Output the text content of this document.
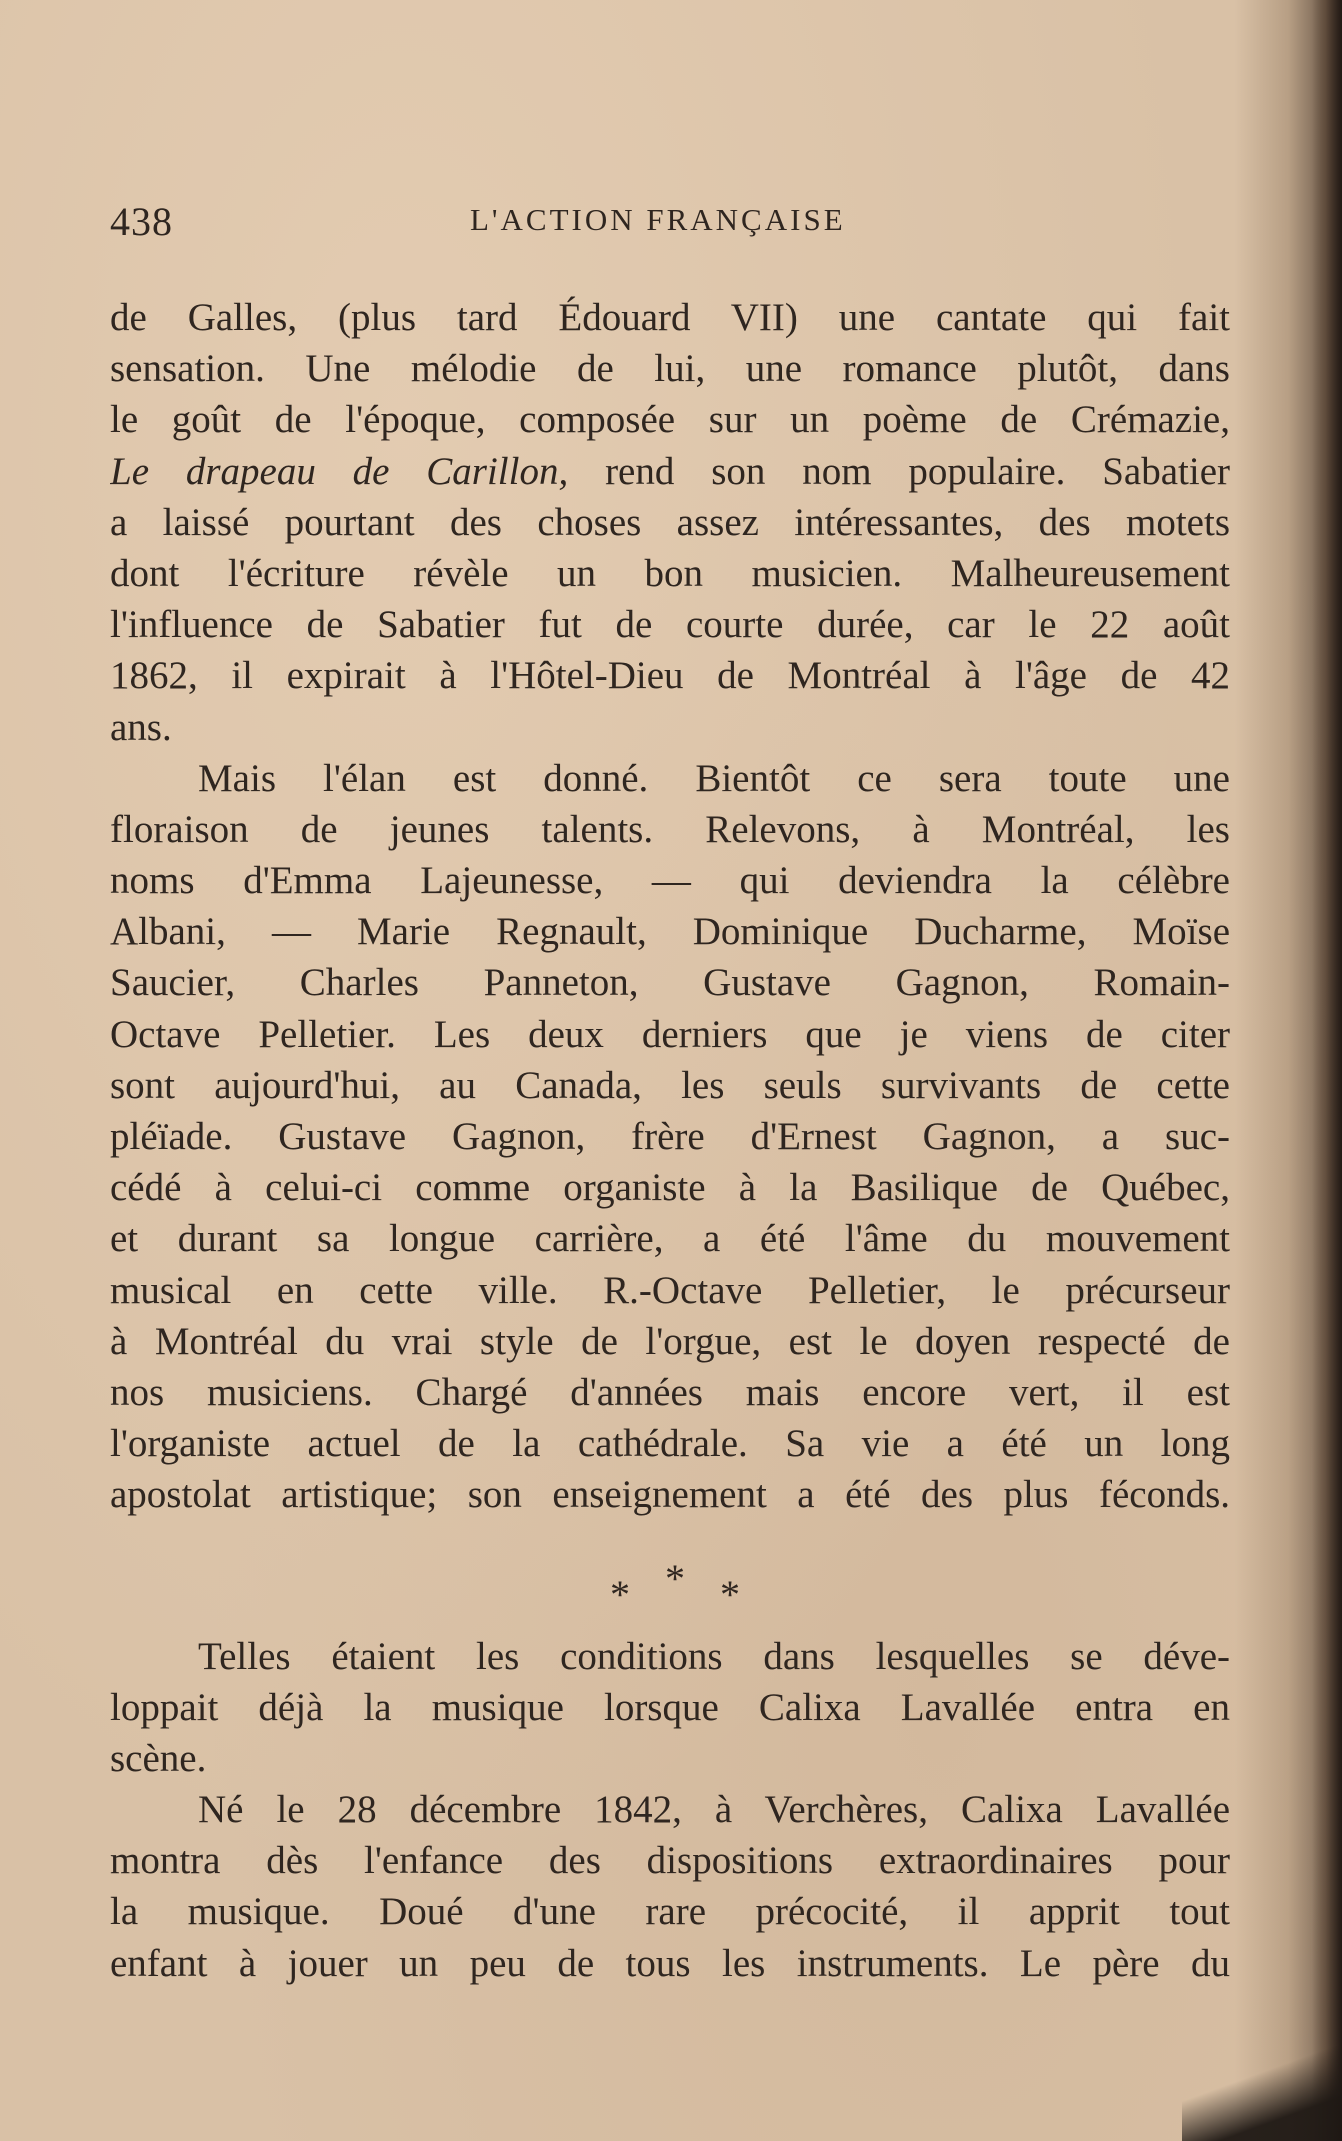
438	L'ACTION FRANÇAISE
de Galles, (plus tard Édouard VII) une cantate qui fait
sensation. Une mélodie de lui, une romance plutôt, dans
le goût de l'époque, composée sur un poème de Crémazie,
Le drapeau de Carillon, rend son nom populaire. Sabatier
a laissé pourtant des choses assez intéressantes, des motets
dont l'écriture révèle un bon musicien. Malheureusement
l'influence de Sabatier fut de courte durée, car le 22 août
1862, il expirait à l'Hôtel-Dieu de Montréal à l'âge de 42
ans.
Mais l'élan est donné. Bientôt ce sera toute une
floraison de jeunes talents. Relevons, à Montréal, les
noms d'Emma Lajeunesse, — qui deviendra la célèbre
Albani, — Marie Regnault, Dominique Ducharme, Moïse
Saucier, Charles Panneton, Gustave Gagnon, Romain-
Octave Pelletier. Les deux derniers que je viens de citer
sont aujourd'hui, au Canada, les seuls survivants de cette
pléïade. Gustave Gagnon, frère d'Ernest Gagnon, a suc-
cédé à celui-ci comme organiste à la Basilique de Québec,
et durant sa longue carrière, a été l'âme du mouvement
musical en cette ville. R.-Octave Pelletier, le précurseur
à Montréal du vrai style de l'orgue, est le doyen respecté de
nos musiciens. Chargé d'années mais encore vert, il est
l'organiste actuel de la cathédrale. Sa vie a été un long
apostolat artistique; son enseignement a été des plus féconds.
* * *
Telles étaient les conditions dans lesquelles se déve-
loppait déjà la musique lorsque Calixa Lavallée entra en
scène.
Né le 28 décembre 1842, à Verchères, Calixa Lavallée
montra dès l'enfance des dispositions extraordinaires pour
la musique. Doué d'une rare précocité, il apprit tout
enfant à jouer un peu de tous les instruments. Le père du
